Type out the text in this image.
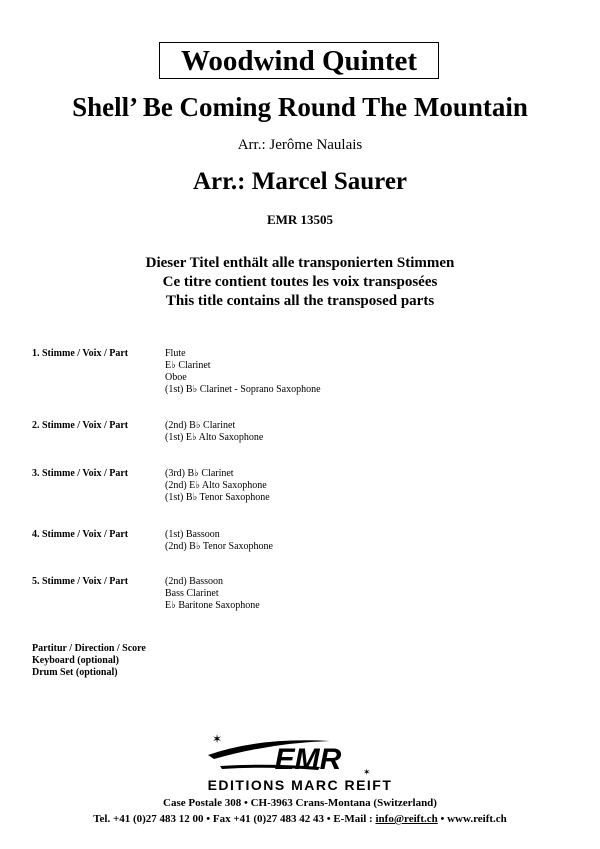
Woodwind Quintet
Shell’ Be Coming Round The Mountain
Arr.: Jerôme Naulais
Arr.: Marcel Saurer
EMR 13505
Dieser Titel enthält alle transponierten Stimmen
Ce titre contient toutes les voix transposées
This title contains all the transposed parts
1. Stimme / Voix / Part	Flute
E♭ Clarinet
Oboe
(1st) B♭ Clarinet - Soprano Saxophone
2. Stimme / Voix / Part	(2nd) B♭ Clarinet
(1st) E♭ Alto Saxophone
3. Stimme / Voix / Part	(3rd) B♭ Clarinet
(2nd) E♭ Alto Saxophone
(1st) B♭ Tenor Saxophone
4. Stimme / Voix / Part	(1st) Bassoon
(2nd) B♭ Tenor Saxophone
5. Stimme / Voix / Part	(2nd) Bassoon
Bass Clarinet
E♭ Baritone Saxophone
Partitur / Direction / Score
Keyboard (optional)
Drum Set (optional)
EMR
✶
✶
EDITIONS MARC REIFT
Case Postale 308 • CH-3963 Crans-Montana (Switzerland)
Tel. +41 (0)27 483 12 00 • Fax +41 (0)27 483 42 43 • E-Mail : info@reift.ch • www.reift.ch
